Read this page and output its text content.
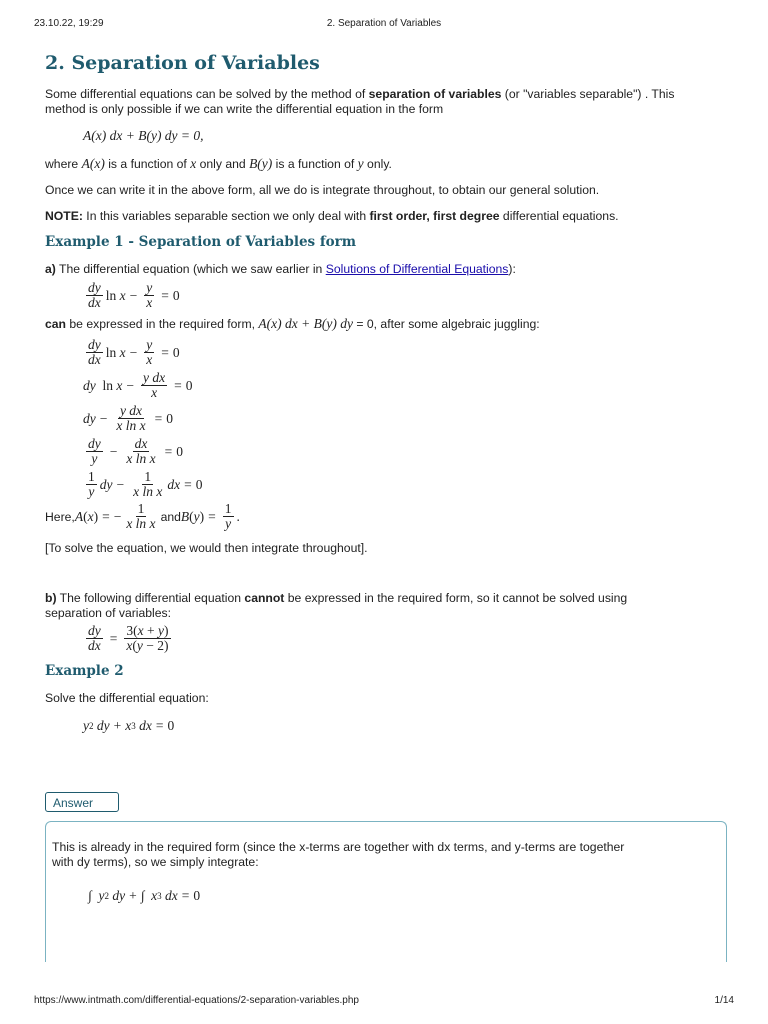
23.10.22, 19:29	2. Separation of Variables
2. Separation of Variables

Some differential equations can be solved by the method of separation of variables (or "variables separable") . This
method is only possible if we can write the differential equation in the form

A(x) dx + B(y) dy = 0,

where A(x) is a function of x only and B(y) is a function of y only.

Once we can write it in the above form, all we do is integrate throughout, to obtain our general solution.

NOTE: In this variables separable section we only deal with first order, first degree differential equations.

Example 1 - Separation of Variables form

a) The differential equation (which we saw earlier in Solutions of Differential Equations):

$\frac{dy}{dx}$ $\ln x - \frac{y}{x} = 0$

can be expressed in the required form, A(x) dx + B(y) dy = 0, after some algebraic juggling:

$\frac{dy}{dx}$ $\ln x - \frac{y}{x} = 0$
dy $\ln x - \frac{\text{y dx}}{x} = 0$
dy − $\frac{\text{y dx}}{\text{x ln x}} = 0$
$\frac{dy}{y} - \frac{dx}{\text{x ln x}} = 0$
$\frac{1}{y}$ dy − $\frac{1}{\text{x ln x}}$ dx = 0
Here, A ( x ) = − $\frac{1}{\text{x ln x}}$ and B ( y ) = $\frac{1}{y}$ .

[To solve the equation, we would then integrate throughout].

b) The following differential equation cannot be expressed in the required form, so it cannot be solved using
separation of variables:

$\frac{dy}{dx} = \frac{3(x + y)}{x(y - 2)}$
Example 2

Solve the differential equation:

y 2 dy + x 3 dx = 0
Answer

This is already in the required form (since the x-terms are together with dx terms, and y-terms are together
with dy terms), so we simply integrate:

∫ y 2 dy + ∫ x 3 dx = 0
https://www.intmath.com/differential-equations/2-separation-variables.php	1/14
